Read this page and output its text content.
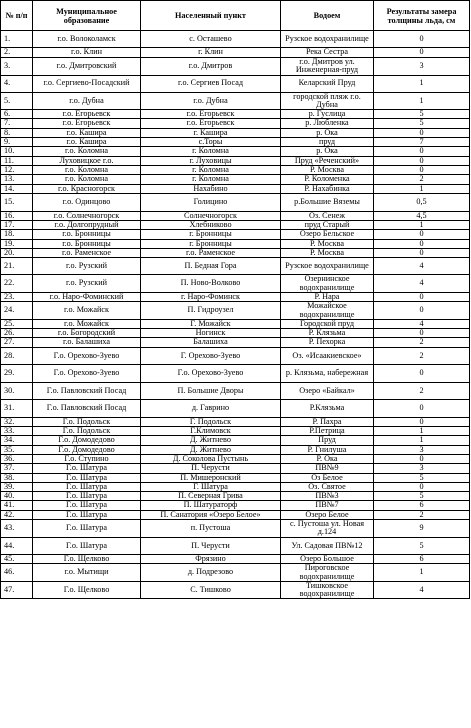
№ п/п	Муниципальное образование	Населенный пункт	Водоем	Результаты замера толщины льда, см
1.	г.о. Волоколамск	с. Осташево	Рузское водохранилище	0
2.	г.о. Клин	г. Клин	Река Сестра	0
3.	г.о. Дмитровский	г.о. Дмитров	г.о. Дмитров ул. Инженерная-пруд	3
4.	г.о. Сергиево-Посадский	г.о. Сергиев Посад	Келарский Пруд	1
5.	г.о. Дубна	г.о. Дубна	городской пляж г.о. Дубна	1
6.	г.о. Егорьевск	г.о. Егорьевск	р. Гуслица	5
7.	г.о. Егорьевск	г.о. Егорьевск	р. Любленка	5
8.	г.о. Кашира	г. Кашира	р. Ока	0
9.	г.о. Кашира	с.Торы	пруд	7
10.	г.о. Коломна	г. Коломна	р. Ока	0
11.	Луховицкое г.о.	г. Луховицы	Пруд «Реченский»	0
12.	г.о. Коломна	г. Коломна	Р. Москва	0
13.	г.о. Коломна	г. Коломна	Р. Коломенка	2
14.	г.о. Красногорск	Нахабино	Р. Нахабинка	1
15.	г.о. Одинцово	Голицино	р.Большие Вяземы	0,5
16.	г.о. Солнечногорск	Солнечногорск	Оз. Сенеж	4,5
17.	г.о. Долгопрудный	Хлебниково	пруд Старый	1
18.	г.о. Бронницы	г. Бронницы	Озеро Бельское	0
19.	г.о. Бронницы	г. Бронницы	Р. Москва	0
20.	г.о. Раменское	г.о. Раменское	Р. Москва	0
21.	г.о. Рузский	П. Бедная Гора	Рузское водохранилище	4
22.	г.о. Рузский	П. Ново-Волково	Озернинское водохранилище	4
23.	г.о. Наро-Фоминский	г. Наро-Фоминск	Р. Нара	0
24.	г.о. Можайск	П. Гидроузел	Можайское водохранилище	0
25.	г.о. Можайск	Г. Можайск	Городской пруд	4
26.	г.о. Богородский	Ногинск	Р. Клязьма	0
27.	г.о. Балашиха	Балашиха	Р. Пехорка	2
28.	Г.о. Орехово-Зуево	Г. Орехово-Зуево	Оз. «Исаакиевское»	2
29.	Г.о. Орехово-Зуево	Г.о. Орехово-Зуево	р. Клязьма, набережная	0
30.	Г.о. Павловский Посад	П. Большие Дворы	Озеро «Байкал»	2
31.	Г.о. Павловский Посад	д. Гаврино	Р.Клязьма	0
32.	Г.о. Подольск	Г. Подольск	Р. Пахра	0
33.	Г.о. Подольск	Г.Климовск	Р.Петрица	1
34.	Г.о. Домодедово	Д. Житнево	Пруд	1
35.	Г.о. Домодедово	Д. Житнево	Р. Гнилуша	3
36.	Г.о. Ступино	Д. Соколова Пустынь	Р. Ока	0
37.	Г.о. Шатура	П. Черусти	ПВ№9	3
38.	Г.о. Шатура	П. Мишеронский	Оз Белое	5
39.	Г.о. Шатура	Г. Шатура	Оз. Святое	0
40.	Г.о. Шатура	П. Северная Грива	ПВ№3	5
41.	Г.о. Шатура	П. Шатураторф	ПВ№7	6
42.	Г.о. Шатура	П. Санатория «Озеро Белое»	Озеро Белое	2
43.	Г.о. Шатура	п. Пустоша	с. Пустоша ул. Новая д.124	9
44.	Г.о. Шатура	П. Черусти	Ул. Садовая ПВ№12	5
45.	Г.о. Щелково	Фрязино	Озеро Большое	6
46.	г.о. Мытищи	д. Подрезово	Пироговское водохранилище	1
47.	Г.о. Щелково	С. Тишково	Тишковское водохранилище	4
